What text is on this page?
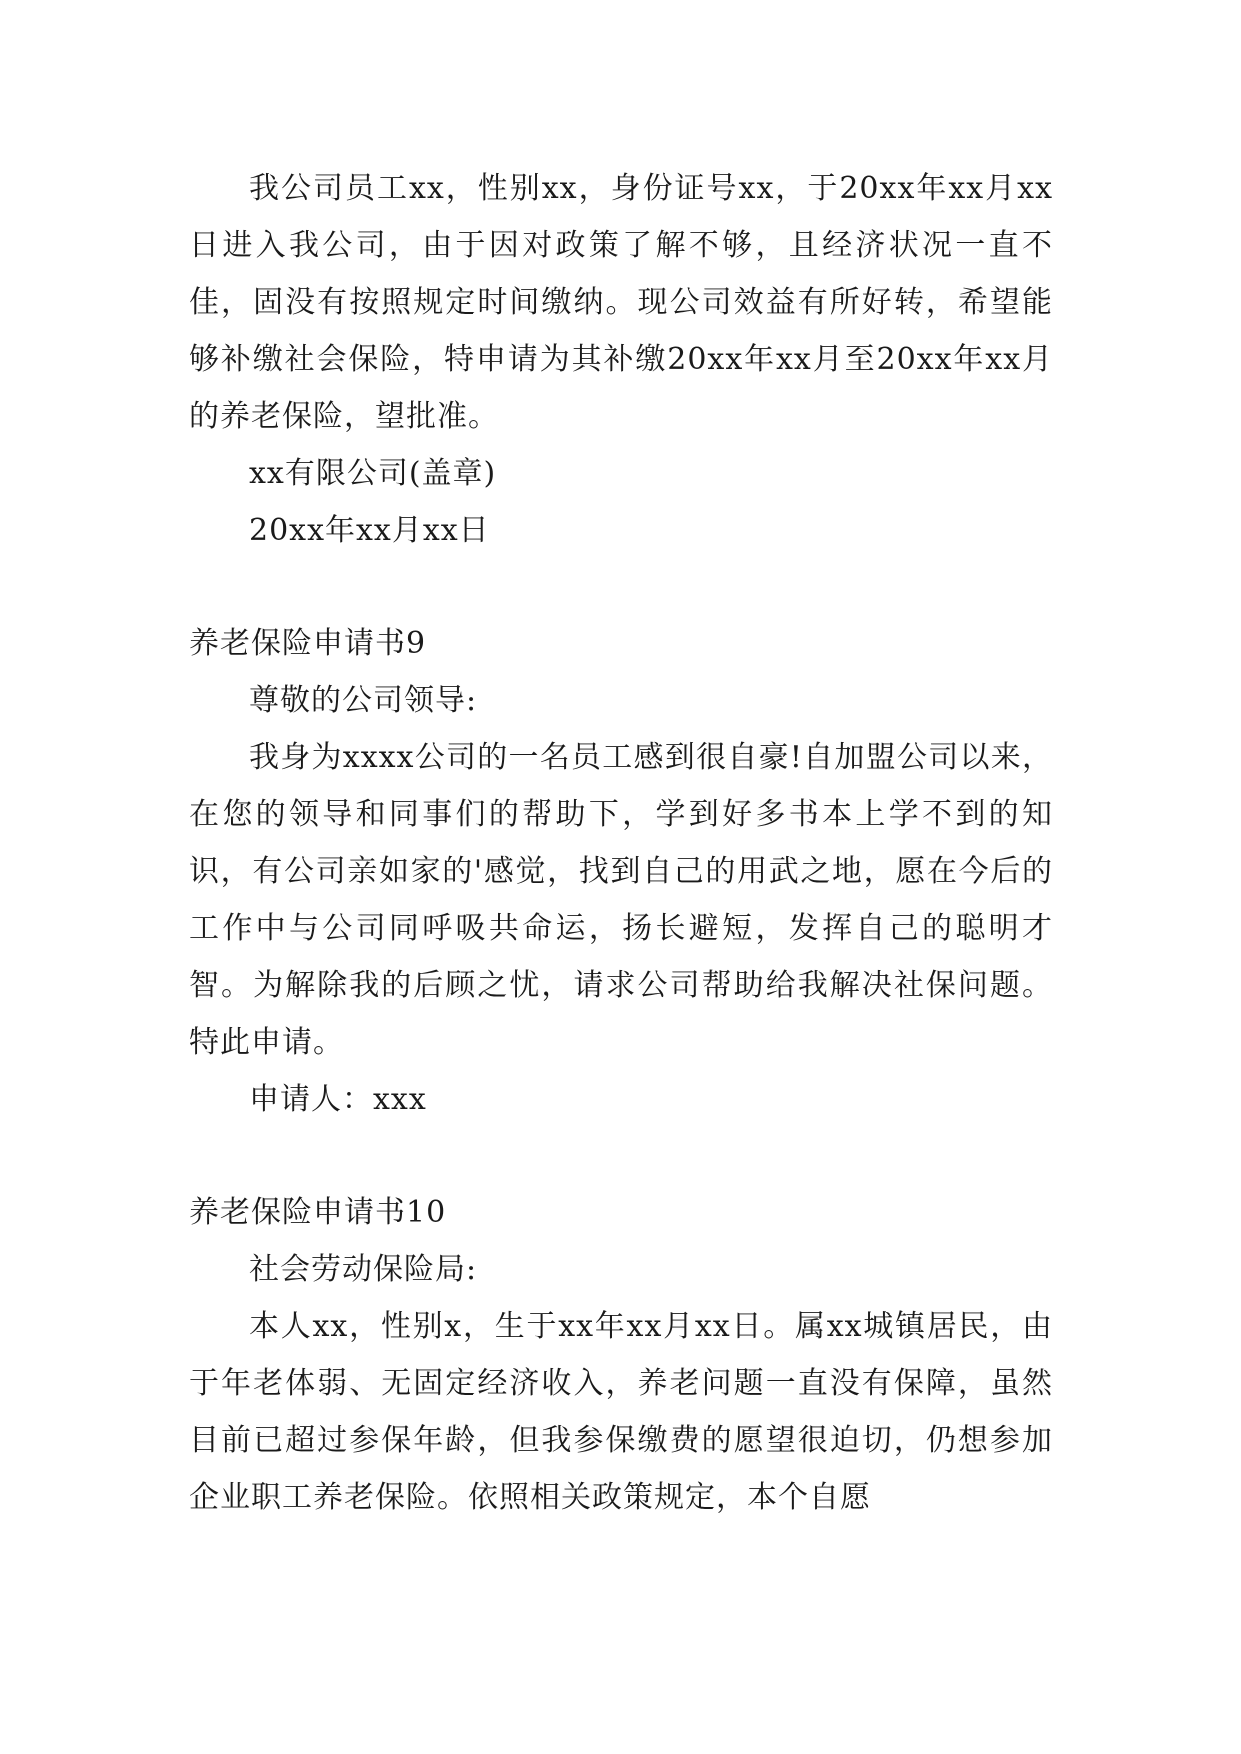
我公司员工xx，性别xx，身份证号xx，于20xx年xx月xx日进入我公司，由于因对政策了解不够，且经济状况一直不佳，固没有按照规定时间缴纳。现公司效益有所好转，希望能够补缴社会保险，特申请为其补缴20xx年xx月至20xx年xx月的养老保险，望批准。

xx有限公司(盖章)

20xx年xx月xx日

养老保险申请书9

尊敬的公司领导:

我身为xxxx公司的一名员工感到很自豪!自加盟公司以来，在您的领导和同事们的帮助下，学到好多书本上学不到的知识，有公司亲如家的'感觉，找到自己的用武之地，愿在今后的工作中与公司同呼吸共命运，扬长避短，发挥自己的聪明才智。为解除我的后顾之忧，请求公司帮助给我解决社保问题。特此申请。

申请人：xxx

养老保险申请书10

社会劳动保险局:

本人xx，性别x，生于xx年xx月xx日。属xx城镇居民，由于年老体弱、无固定经济收入，养老问题一直没有保障，虽然目前已超过参保年龄，但我参保缴费的愿望很迫切，仍想参加企业职工养老保险。依照相关政策规定，本个自愿
